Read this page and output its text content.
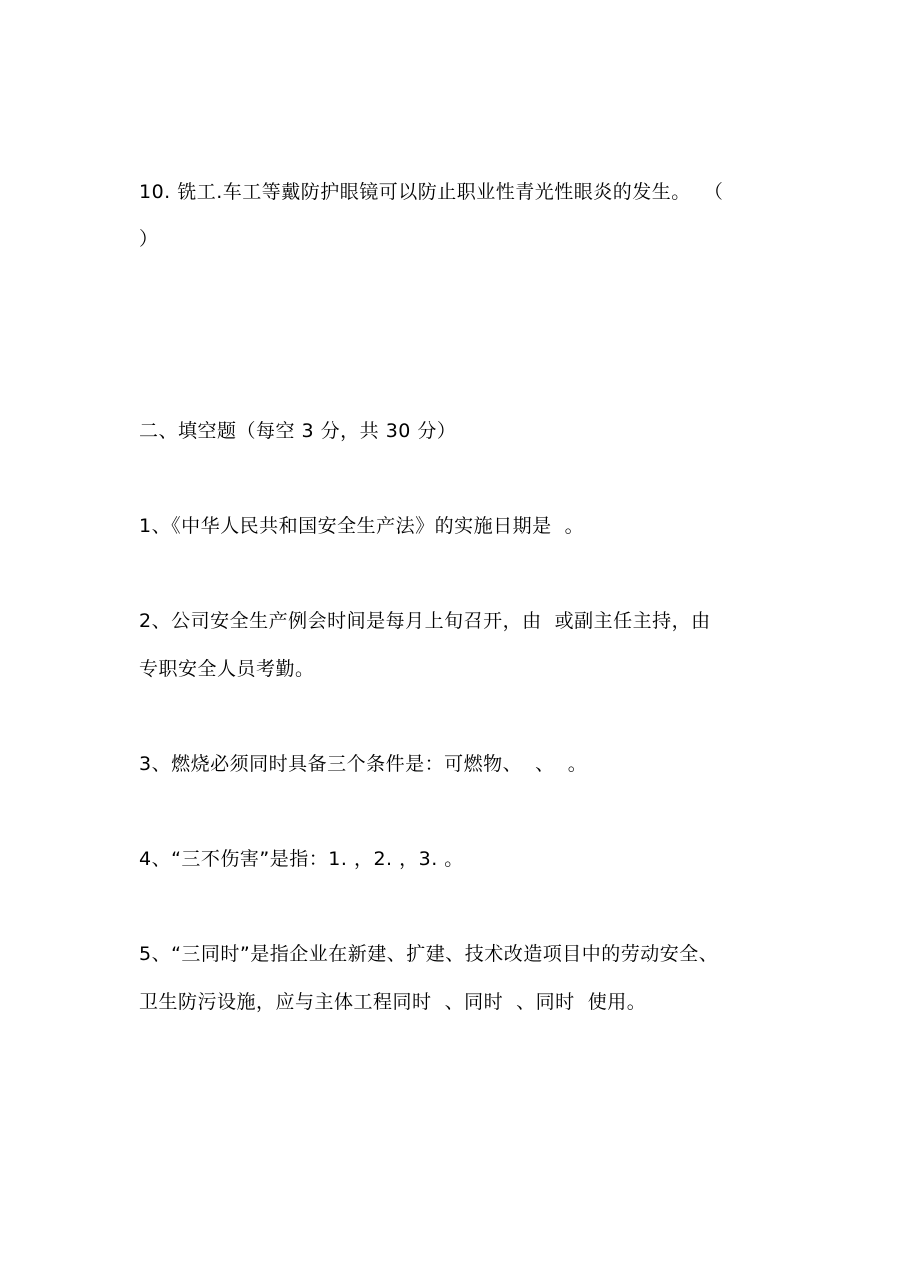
10. 铣工.车工等戴防护眼镜可以防止职业性青光性眼炎的发生。  （
）
二、填空题（每空 3 分，共 30 分）
1、《中华人民共和国安全生产法》的实施日期是  。
2、公司安全生产例会时间是每月上旬召开，由  或副主任主持，由
专职安全人员考勤。
3、燃烧必须同时具备三个条件是：可燃物、  、  。
4、“三不伤害”是指：1. ，2. ，3. 。
5、“三同时”是指企业在新建、扩建、技术改造项目中的劳动安全、
卫生防污设施，应与主体工程同时  、同时  、同时  使用。
